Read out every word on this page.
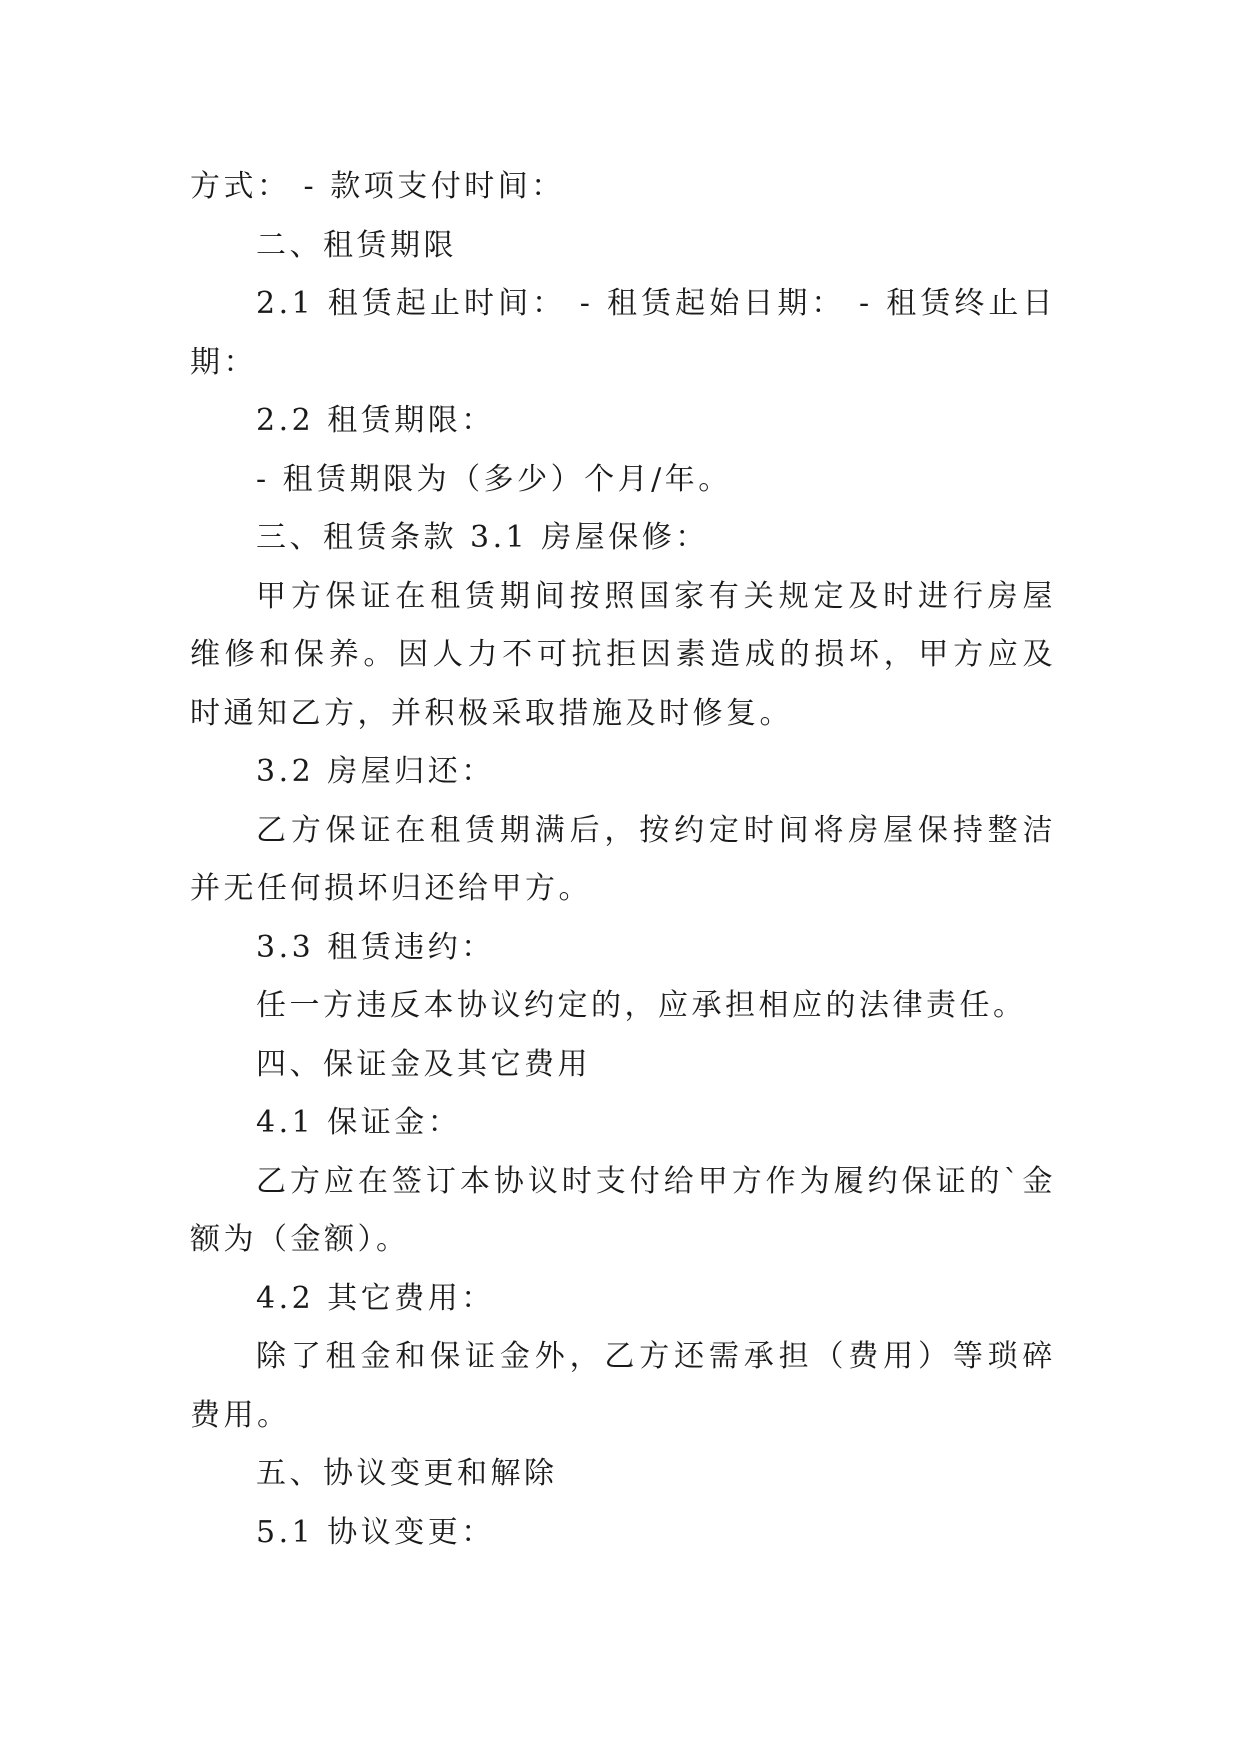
方式： - 款项支付时间：

二、租赁期限

2.1 租赁起止时间： - 租赁起始日期： - 租赁终止日期：

2.2 租赁期限：

- 租赁期限为（多少）个月/年。

三、租赁条款 3.1 房屋保修：

甲方保证在租赁期间按照国家有关规定及时进行房屋维修和保养。因人力不可抗拒因素造成的损坏，甲方应及时通知乙方，并积极采取措施及时修复。

3.2 房屋归还：

乙方保证在租赁期满后，按约定时间将房屋保持整洁并无任何损坏归还给甲方。

3.3 租赁违约：

任一方违反本协议约定的，应承担相应的法律责任。

四、保证金及其它费用

4.1 保证金：

乙方应在签订本协议时支付给甲方作为履约保证的`金额为（金额）。

4.2 其它费用：

除了租金和保证金外，乙方还需承担（费用）等琐碎费用。

五、协议变更和解除

5.1 协议变更：
